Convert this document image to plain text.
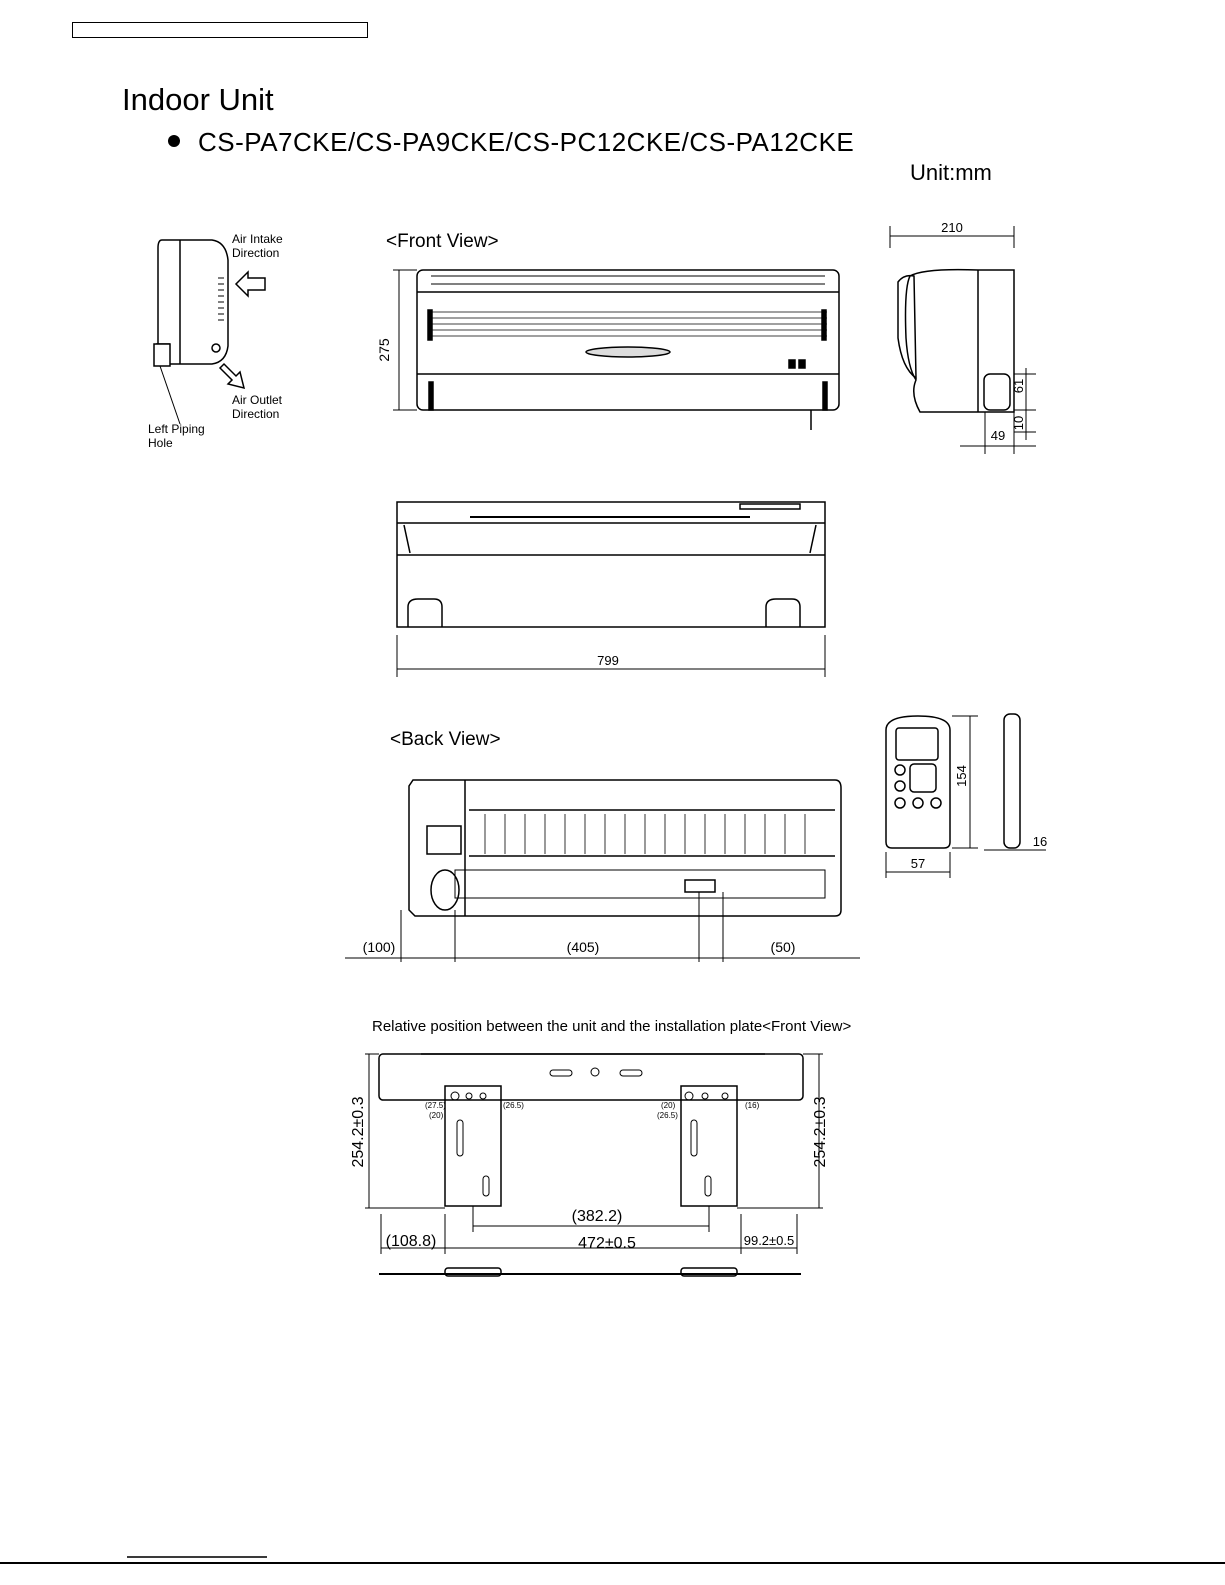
Indoor Unit
CS-PA7CKE/CS-PA9CKE/CS-PC12CKE/CS-PA12CKE
Unit:mm
Air Intake
Direction
Air Outlet
Direction
Left Piping
Hole
<Front View>
275
210
61
49
10
799
<Back View>
(100)	(405)	(50)
154
57
16
Relative position between the unit and the installation plate<Front View>
254.2±0.3	254.2±0.3
(382.2)
(108.8)	472±0.5	99.2±0.5
(27.5)
(20)
(26.5)	(20)
(26.5)
(16)
